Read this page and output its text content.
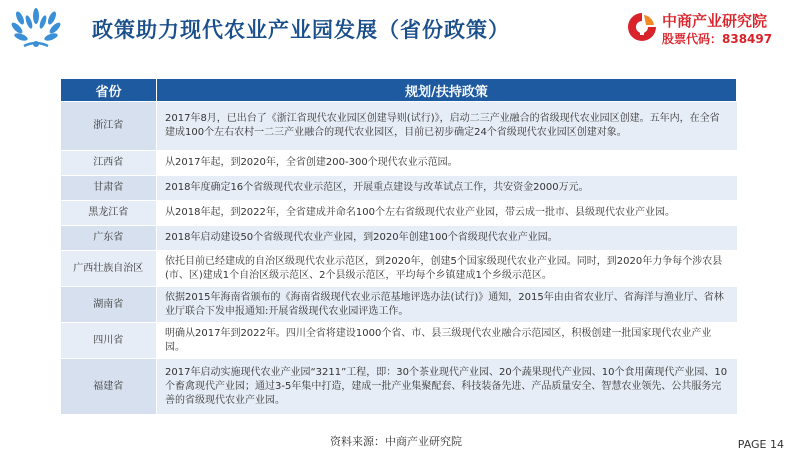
政策助力现代农业产业园发展（省份政策）	中商产业研究院
股票代码：838497
省份	规划/扶持政策
浙江省	2017年8月，已出台了《浙江省现代农业园区创建导则(试行)》，启动二三产业融合的省级现代农业园区创建。五年内，在全省建成100个左右农村一二三产业融合的现代农业园区，目前已初步确定24个省级现代农业园区创建对象。
江西省	从2017年起，到2020年，全省创建200-300个现代农业示范园。
甘肃省	2018年度确定16个省级现代农业示范区，开展重点建设与改革试点工作，共安资金2000万元。
黑龙江省	从2018年起，到2022年，全省建成并命名100个左右省级现代农业产业园，带云成一批市、县级现代农业产业园。
广东省	2018年启动建设50个省级现代农业产业园，到2020年创建100个省级现代农业产业园。
广西壮族自治区	依托目前已经建成的自治区级现代农业示范区，到2020年，创建5个国家级现代农业产业园。同时，到2020年力争每个涉农县(市、区)建成1个自治区级示范区、2个县级示范区，平均每个乡镇建成1个乡级示范区。
湖南省	依据2015年海南省颁布的《海南省级现代农业示范基地评选办法(试行)》通知，2015年由由省农业厅、省海洋与渔业厅、省林业厅联合下发申报通知:开展省级现代农业园评选工作。
四川省	明确从2017年到2022年。四川全省将建设1000个省、市、县三级现代农业融合示范园区，积极创建一批国家现代农业产业园。
福建省	2017年启动实施现代农业产业园“3211”工程，即：30个茶业现代产业园、20个蔬果现代产业园、10个食用菌现代产业园、10个畜禽现代产业园；通过3-5年集中打造，建成一批产业集聚配套、科技装备先进、产品质量安全、智慧农业领先、公共服务完善的省级现代农业产业园。
资料来源：中商产业研究院	PAGE 14
